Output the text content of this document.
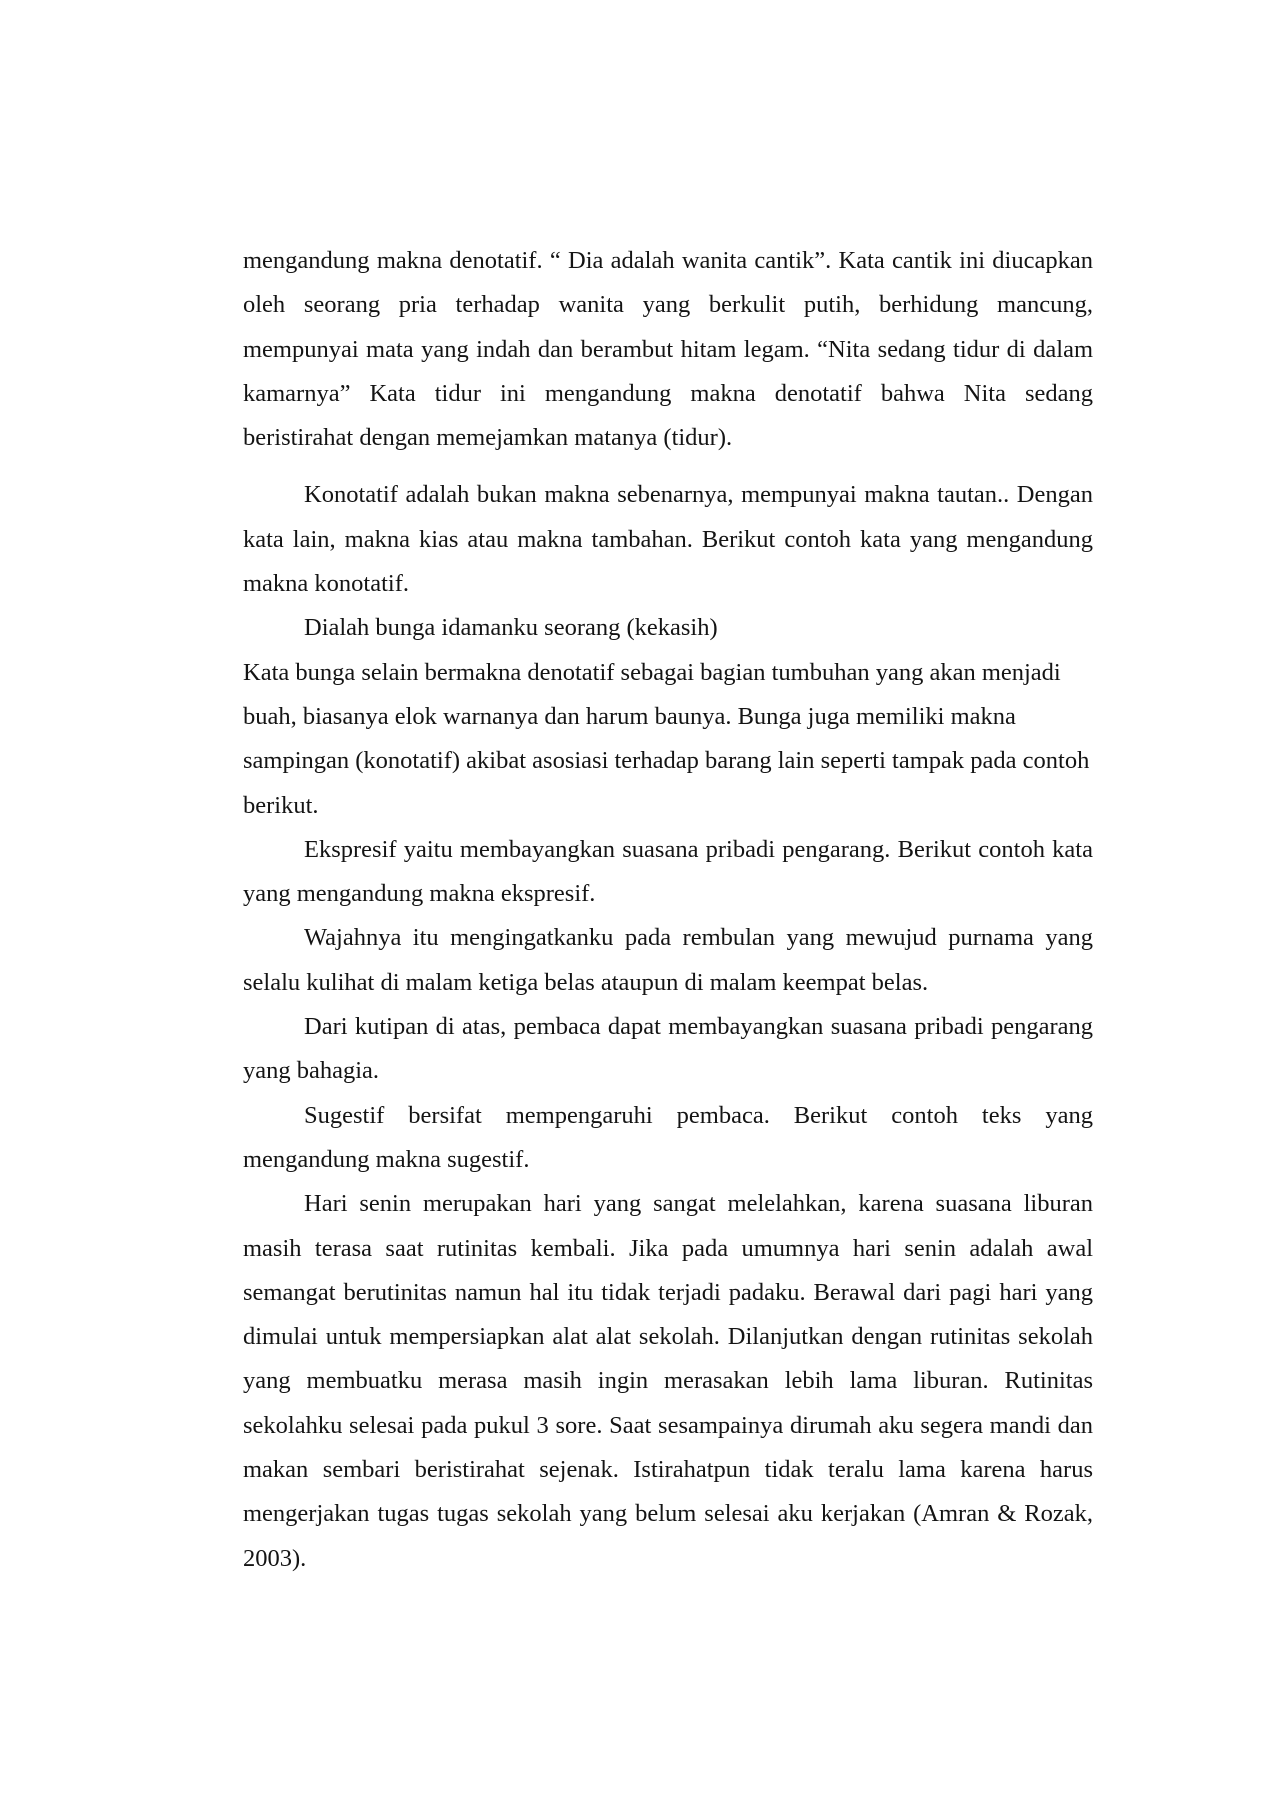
mengandung makna denotatif. “ Dia adalah wanita cantik”. Kata cantik ini diucapkan oleh seorang pria terhadap wanita yang berkulit putih, berhidung mancung, mempunyai mata yang indah dan berambut hitam legam. “Nita sedang tidur di dalam kamarnya” Kata tidur ini mengandung makna denotatif bahwa Nita sedang beristirahat dengan memejamkan matanya (tidur).

Konotatif adalah bukan makna sebenarnya, mempunyai makna tautan.. Dengan kata lain, makna kias atau makna tambahan. Berikut contoh kata yang mengandung makna konotatif.

Dialah bunga idamanku seorang (kekasih)

Kata bunga selain bermakna denotatif sebagai bagian tumbuhan yang akan menjadi buah, biasanya elok warnanya dan harum baunya. Bunga juga memiliki makna sampingan (konotatif) akibat asosiasi terhadap barang lain seperti tampak pada contoh berikut.

Ekspresif yaitu membayangkan suasana pribadi pengarang. Berikut contoh kata yang mengandung makna ekspresif.

Wajahnya itu mengingatkanku pada rembulan yang mewujud purnama yang selalu kulihat di malam ketiga belas ataupun di malam keempat belas.

Dari kutipan di atas, pembaca dapat membayangkan suasana pribadi pengarang yang bahagia.

Sugestif bersifat mempengaruhi pembaca. Berikut contoh teks yang mengandung makna sugestif.

Hari senin merupakan hari yang sangat melelahkan, karena suasana liburan masih terasa saat rutinitas kembali. Jika pada umumnya hari senin adalah awal semangat berutinitas namun hal itu tidak terjadi padaku. Berawal dari pagi hari yang dimulai untuk mempersiapkan alat alat sekolah. Dilanjutkan dengan rutinitas sekolah yang membuatku merasa masih ingin merasakan lebih lama liburan. Rutinitas sekolahku selesai pada pukul 3 sore. Saat sesampainya dirumah aku segera mandi dan makan sembari beristirahat sejenak. Istirahatpun tidak teralu lama karena harus mengerjakan tugas tugas sekolah yang belum selesai aku kerjakan (Amran & Rozak, 2003).
